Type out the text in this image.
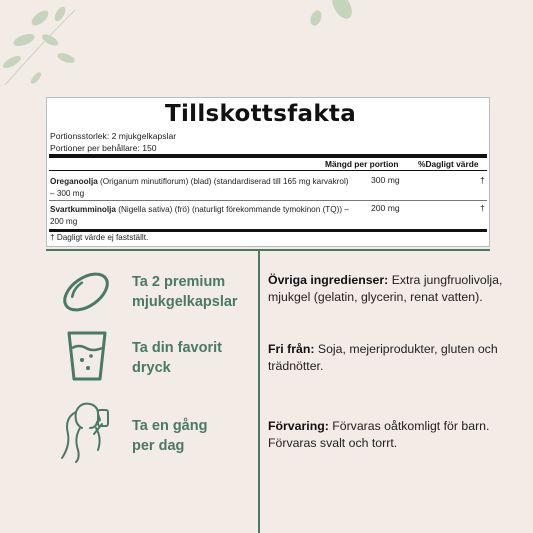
Tillskottsfakta
Portionsstorlek: 2 mjukgelkapslar
Portioner per behållare: 150
Mängd per portion %Dagligt värde
Oreganoolja (Origanum minutiflorum) (blad) (standardiserad till 165 mg karvakrol) – 300 mg
300 mg	†
Svartkumminolja (Nigella sativa) (frö) (naturligt förekommande tymokinon (TQ)) – 200 mg
200 mg	†
† Dagligt värde ej fastställt.
Ta 2 premium
mjukgelkapslar
Ta din favorit
dryck
Ta en gång
per dag
Övriga ingredienser: Extra jungfruolivolja, mjukgel (gelatin, glycerin, renat vatten).
Fri från: Soja, mejeriprodukter, gluten och trädnötter.
Förvaring: Förvaras oåtkomligt för barn. Förvaras svalt och torrt.
